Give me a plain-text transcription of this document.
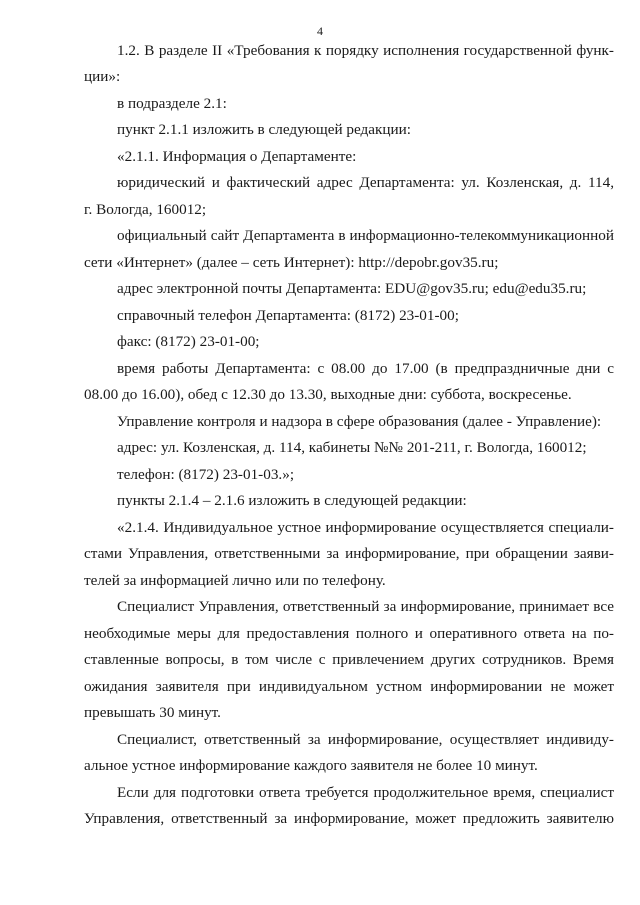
4

1.2. В разделе II «Требования к порядку исполнения государственной функ-

ции»:

в подразделе 2.1:

пункт 2.1.1 изложить в следующей редакции:

«2.1.1. Информация о Департаменте:

юридический и фактический адрес Департамента: ул. Козленская, д. 114,

г. Вологда, 160012;

официальный сайт Департамента в информационно-телекоммуникационной

сети «Интернет» (далее – сеть Интернет): http://depobr.gov35.ru;

адрес электронной почты Департамента: EDU@gov35.ru; edu@edu35.ru;

справочный телефон Департамента: (8172) 23-01-00;

факс: (8172) 23-01-00;

время работы Департамента: с 08.00 до 17.00 (в предпраздничные дни с

08.00 до 16.00), обед с 12.30 до 13.30, выходные дни: суббота, воскресенье.

Управление контроля и надзора в сфере образования (далее - Управление):

адрес: ул. Козленская, д. 114, кабинеты №№ 201-211, г. Вологда, 160012;

телефон: (8172) 23-01-03.»;

пункты 2.1.4 – 2.1.6 изложить в следующей редакции:

«2.1.4. Индивидуальное устное информирование осуществляется специали-

стами Управления, ответственными за информирование, при обращении заяви-

телей за информацией лично или по телефону.

Специалист Управления, ответственный за информирование, принимает все

необходимые меры для предоставления полного и оперативного ответа на по-

ставленные вопросы, в том числе с привлечением других сотрудников. Время

ожидания заявителя при индивидуальном устном информировании не может

превышать 30 минут.

Специалист, ответственный за информирование, осуществляет индивиду-

альное устное информирование каждого заявителя не более 10 минут.

Если для подготовки ответа требуется продолжительное время, специалист

Управления, ответственный за информирование, может предложить заявителю
